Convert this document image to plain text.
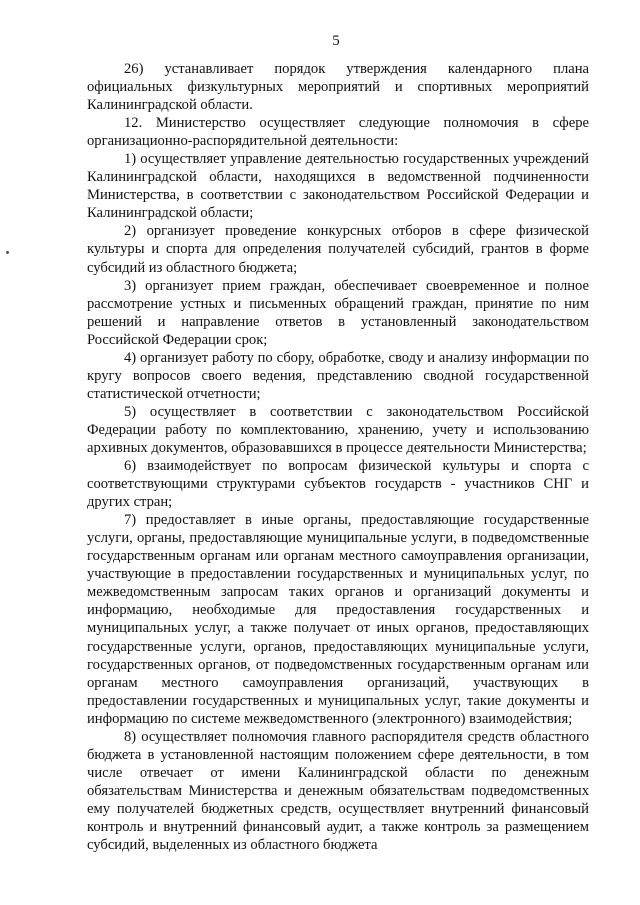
5

26) устанавливает порядок утверждения календарного плана официальных физкультурных мероприятий и спортивных мероприятий Калининградской области.

12. Министерство осуществляет следующие полномочия в сфере организационно-распорядительной деятельности:

1) осуществляет управление деятельностью государственных учреждений Калининградской области, находящихся в ведомственной подчиненности Министерства, в соответствии с законодательством Российской Федерации и Калининградской области;

2) организует проведение конкурсных отборов в сфере физической культуры и спорта для определения получателей субсидий, грантов в форме субсидий из областного бюджета;

3) организует прием граждан, обеспечивает своевременное и полное рассмотрение устных и письменных обращений граждан, принятие по ним решений и направление ответов в установленный законодательством Российской Федерации срок;

4) организует работу по сбору, обработке, своду и анализу информации по кругу вопросов своего ведения, представлению сводной государственной статистической отчетности;

5) осуществляет в соответствии с законодательством Российской Федерации работу по комплектованию, хранению, учету и использованию архивных документов, образовавшихся в процессе деятельности Министерства;

6) взаимодействует по вопросам физической культуры и спорта с соответствующими структурами субъектов государств - участников СНГ и других стран;

7) предоставляет в иные органы, предоставляющие государственные услуги, органы, предоставляющие муниципальные услуги, в подведомственные государственным органам или органам местного самоуправления организации, участвующие в предоставлении государственных и муниципальных услуг, по межведомственным запросам таких органов и организаций документы и информацию, необходимые для предоставления государственных и муниципальных услуг, а также получает от иных органов, предоставляющих государственные услуги, органов, предоставляющих муниципальные услуги, государственных органов, от подведомственных государственным органам или органам местного самоуправления организаций, участвующих в предоставлении государственных и муниципальных услуг, такие документы и информацию по системе межведомственного (электронного) взаимодействия;

8) осуществляет полномочия главного распорядителя средств областного бюджета в установленной настоящим положением сфере деятельности, в том числе отвечает от имени Калининградской области по денежным обязательствам Министерства и денежным обязательствам подведомственных ему получателей бюджетных средств, осуществляет внутренний финансовый контроль и внутренний финансовый аудит, а также контроль за размещением субсидий, выделенных из областного бюджета
